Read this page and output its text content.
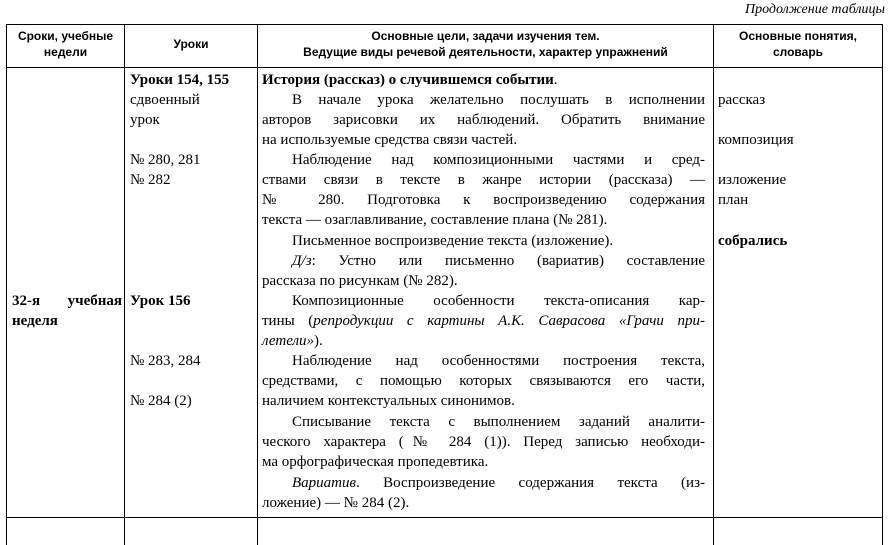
Продолжение таблицы
Сроки, учебные
недели
Уроки
Основные цели, задачи изучения тем.
Ведущие виды речевой деятельности, характер упражнений
Основные понятия,
словарь
32-я учебная
неделя
Уроки 154, 155
сдвоенный
урок
№ 280, 281
№ 282
Урок 156
№ 283, 284
№ 284 (2)
История (рассказ) о случившемся событии.
В начале урока желательно послушать в исполнении
авторов зарисовки их наблюдений. Обратить внимание
на используемые средства связи частей.
Наблюдение над композиционными частями и сред-
ствами связи в тексте в жанре истории (рассказа) —
№ 280. Подготовка к воспроизведению содержания
текста — озаглавливание, составление плана (№ 281).
Письменное воспроизведение текста (изложение).
Д/з: Устно или письменно (вариатив) составление
рассказа по рисункам (№ 282).
Композиционные особенности текста-описания кар-
тины (репродукции с картины А.К. Саврасова «Грачи при-
летели»).
Наблюдение над особенностями построения текста,
средствами, с помощью которых связываются его части,
наличием контекстуальных синонимов.
Списывание текста с выполнением заданий аналити-
ческого характера (№ 284 (1)). Перед записью необходи-
ма орфографическая пропедевтика.
Вариатив. Воспроизведение содержания текста (из-
ложение) — № 284 (2).
рассказ
композиция
изложение
план
собрались
